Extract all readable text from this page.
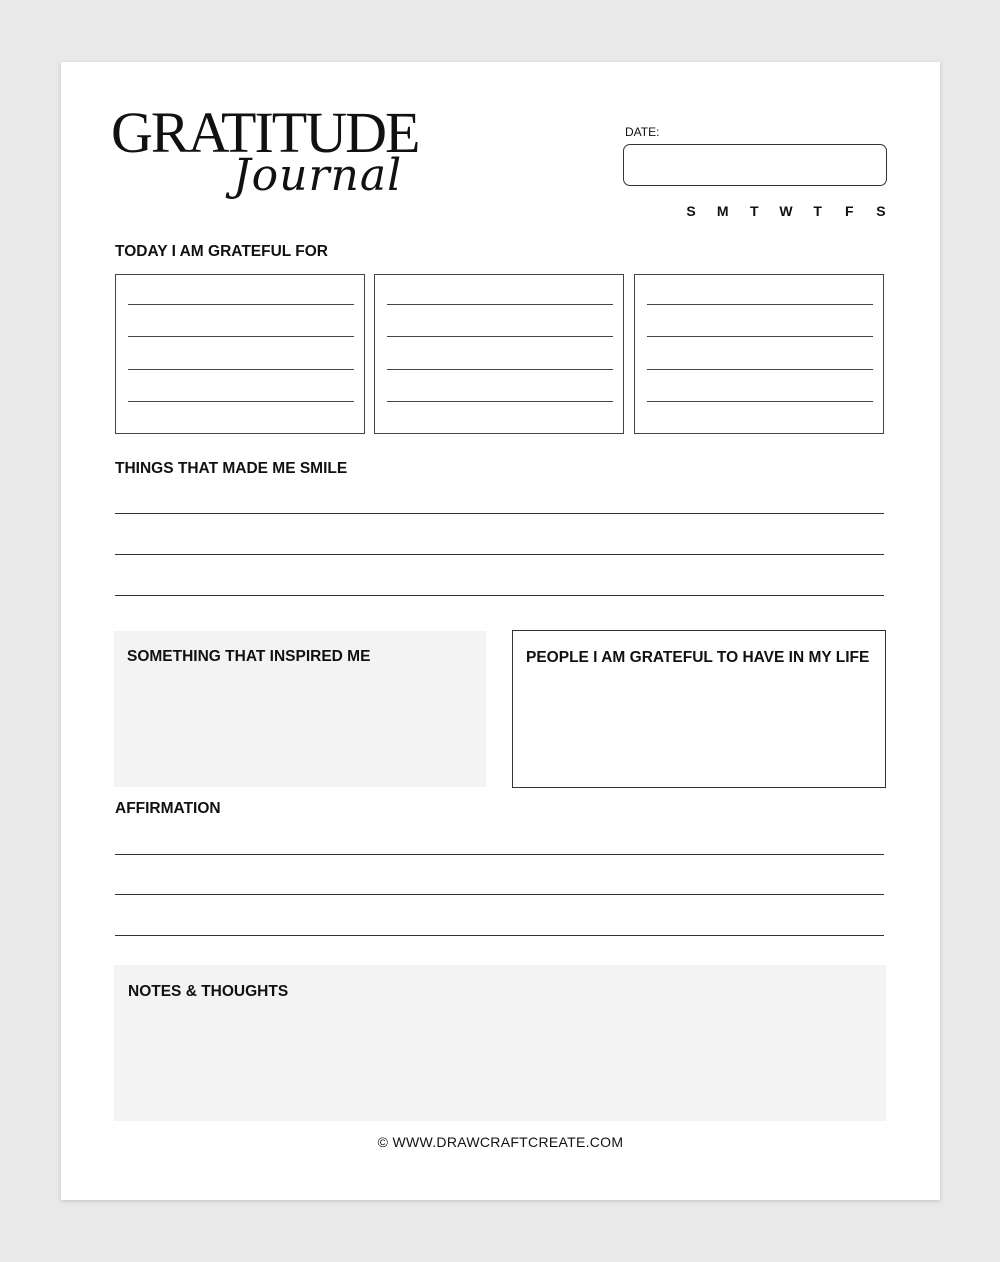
GRATITUDE
Journal
DATE:
S M T W T F S
TODAY I AM GRATEFUL FOR
THINGS THAT MADE ME SMILE
SOMETHING THAT INSPIRED ME	PEOPLE I AM GRATEFUL TO HAVE IN MY LIFE
AFFIRMATION
NOTES & THOUGHTS
© WWW.DRAWCRAFTCREATE.COM
